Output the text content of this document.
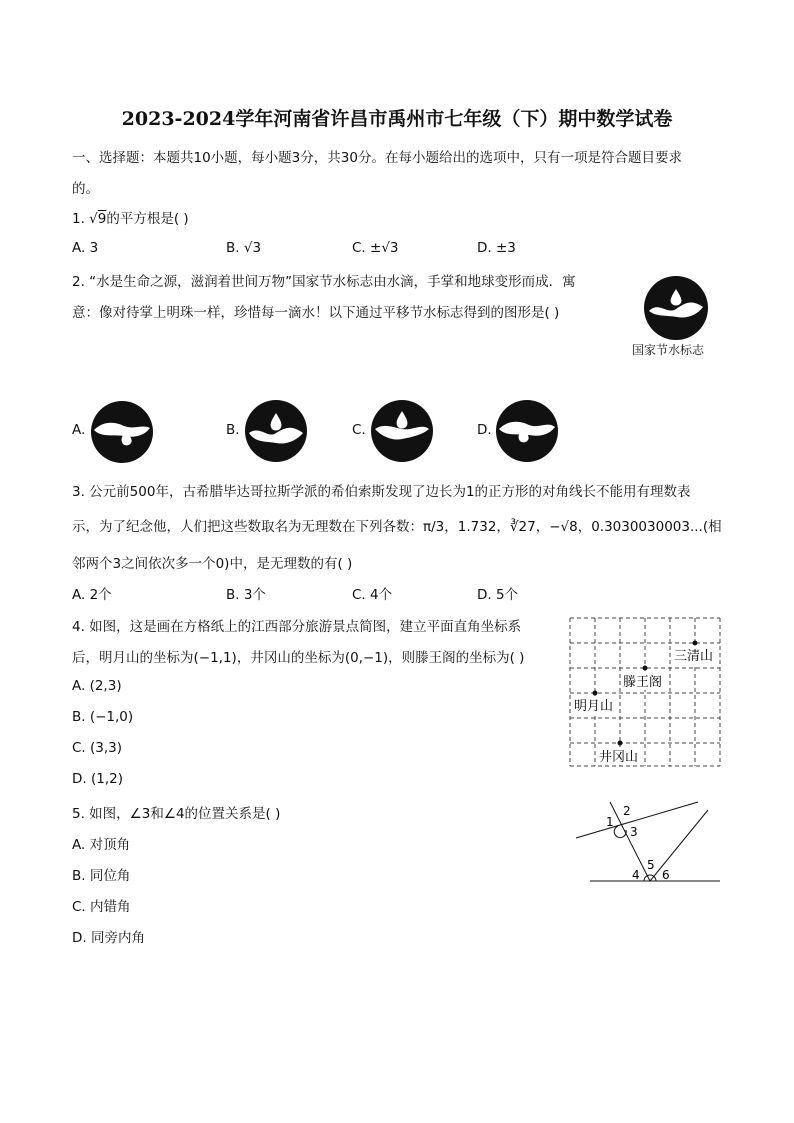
2023-2024学年河南省许昌市禹州市七年级（下）期中数学试卷
一、选择题：本题共10小题，每小题3分，共30分。在每小题给出的选项中，只有一项是符合题目要求
的。
1. √9的平方根是( )
A. 3	B. √3	C. ±√3	D. ±3
2. “水是生命之源，滋润着世间万物”国家节水标志由水滴，手掌和地球变形而成．寓
意：像对待掌上明珠一样，珍惜每一滴水！以下通过平移节水标志得到的图形是( )
国家节水标志
A.	B.	C.	D.
3. 公元前500年，古希腊毕达哥拉斯学派的希伯索斯发现了边长为1的正方形的对角线长不能用有理数表
示，为了纪念他，人们把这些数取名为无理数在下列各数：π/3，1.732，∛27，−√8，0.3030030003...(相
邻两个3之间依次多一个0)中，是无理数的有( )
A. 2个	B. 3个	C. 4个	D. 5个
4. 如图，这是画在方格纸上的江西部分旅游景点简图，建立平面直角坐标系
后，明月山的坐标为(−1,1)，井冈山的坐标为(0,−1)，则滕王阁的坐标为( )
A. (2,3)
B. (−1,0)
C. (3,3)
D. (1,2)
三清山
滕王阁
明月山
井冈山
5. 如图，∠3和∠4的位置关系是( )
A. 对顶角
B. 同位角
C. 内错角
D. 同旁内角
1
2
3
4
5
6
